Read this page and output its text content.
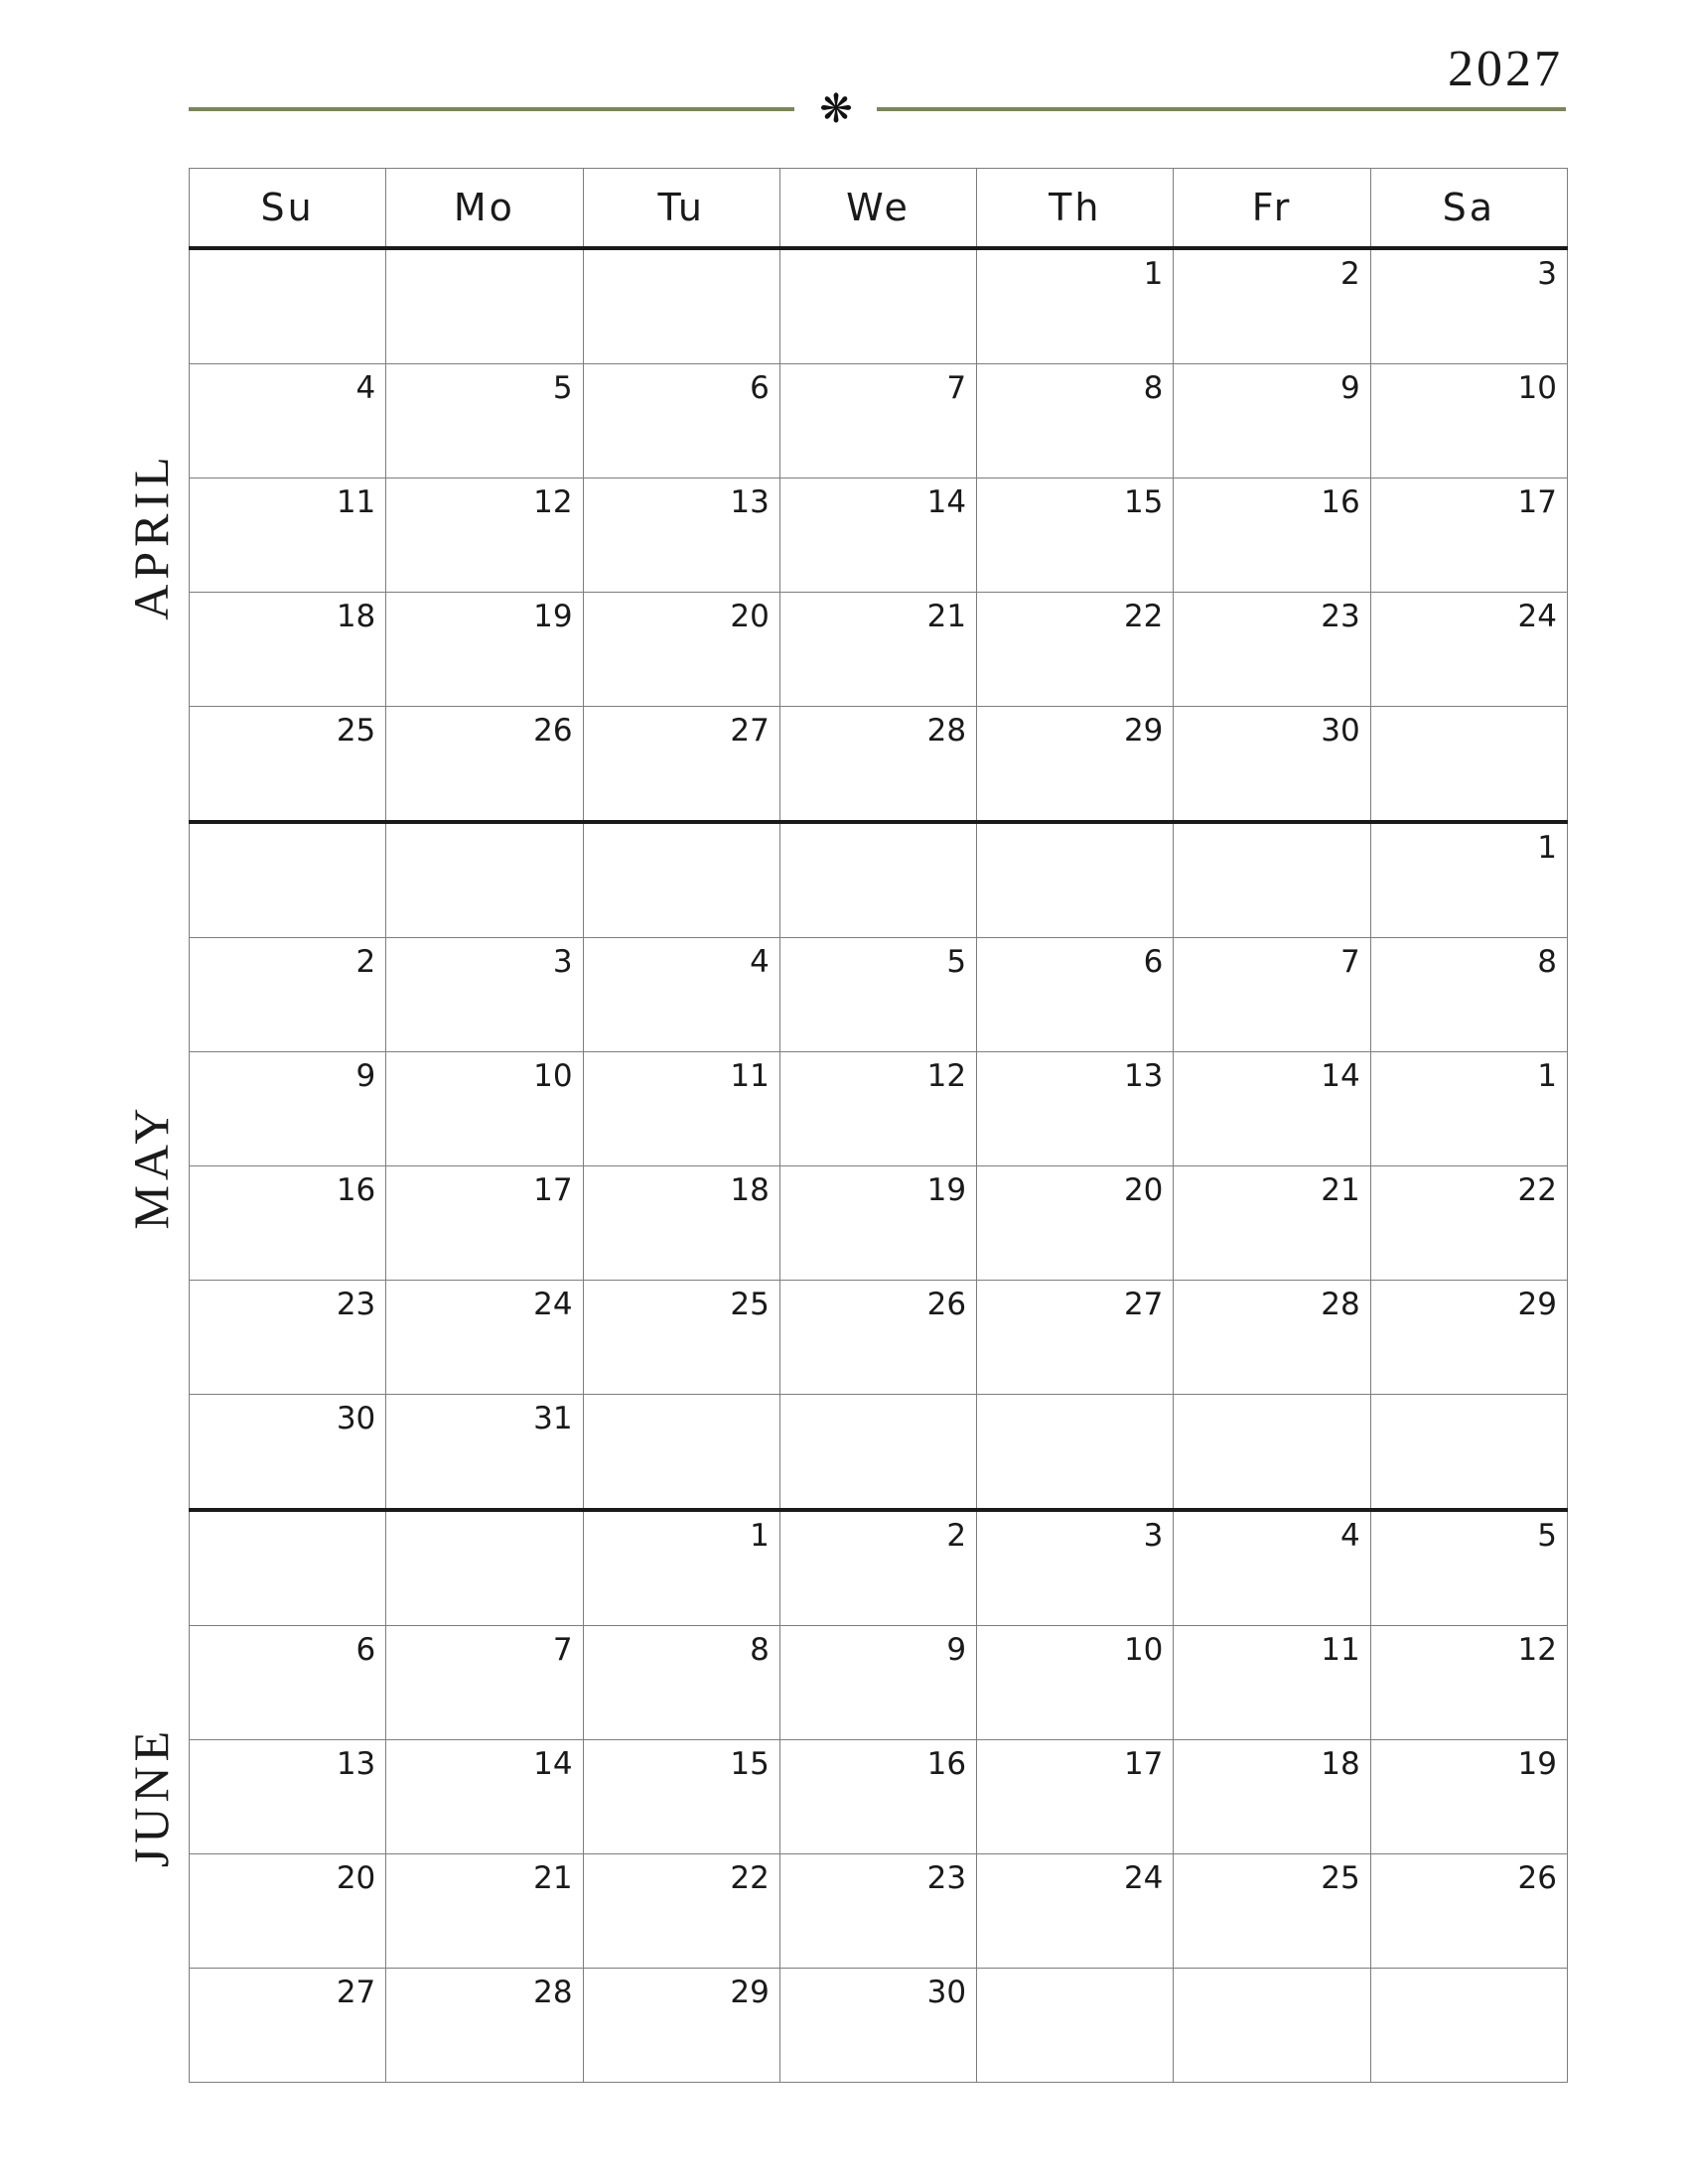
2027
❋
Su	Mo	Tu	We	Th	Fr	Sa
				1	2	3
4	5	6	7	8	9	10
11	12	13	14	15	16	17
18	19	20	21	22	23	24
25	26	27	28	29	30	
						1
2	3	4	5	6	7	8
9	10	11	12	13	14	1
16	17	18	19	20	21	22
23	24	25	26	27	28	29
30	31					
		1	2	3	4	5
6	7	8	9	10	11	12
13	14	15	16	17	18	19
20	21	22	23	24	25	26
27	28	29	30			
APRIL
MAY
JUNE
